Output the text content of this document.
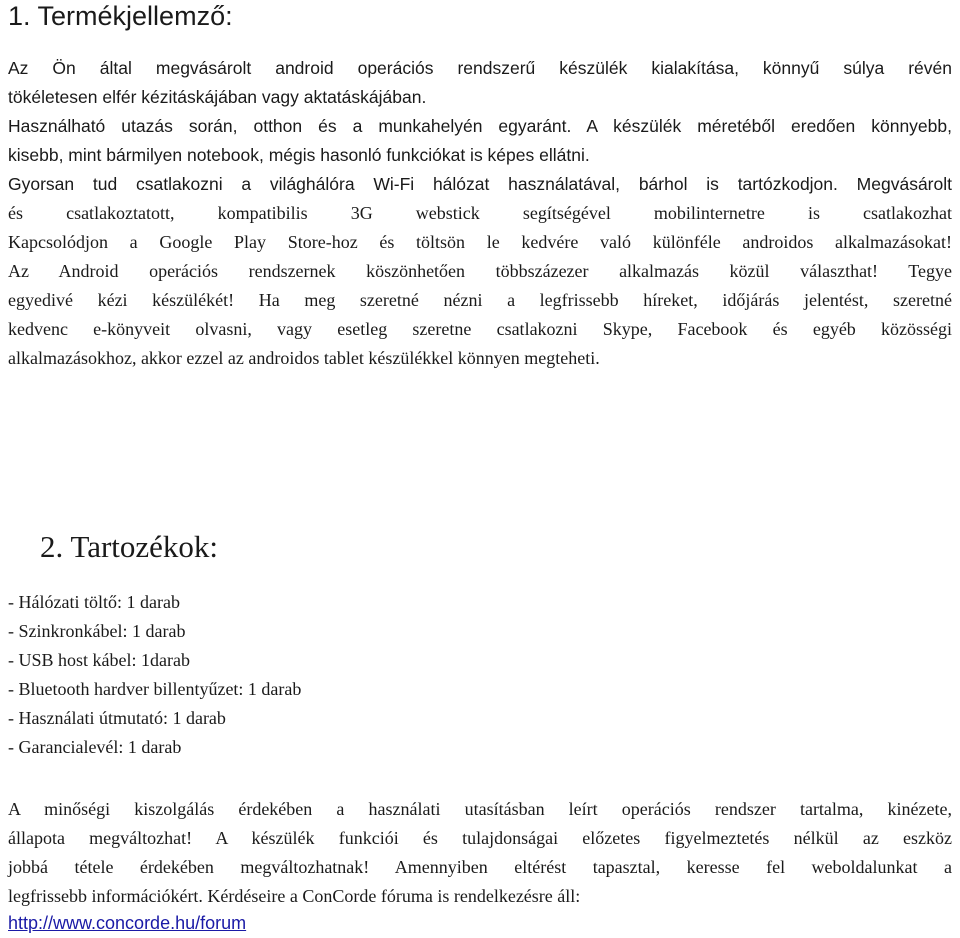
1. Termékjellemző:

Az Ön által megvásárolt android operációs rendszerű készülék kialakítása, könnyű súlya révén
tökéletesen elfér kézitáskájában vagy aktatáskájában.

Használható utazás során, otthon és a munkahelyén egyaránt. A készülék méretéből eredően könnyebb,
kisebb, mint bármilyen notebook, mégis hasonló funkciókat is képes ellátni.

Gyorsan tud csatlakozni a világhálóra Wi-Fi hálózat használatával, bárhol is tartózkodjon. Megvásárolt
és csatlakoztatott, kompatibilis 3G webstick segítségével mobilinternetre is csatlakozhat
Kapcsolódjon a Google Play Store-hoz és töltsön le kedvére való különféle androidos alkalmazásokat!
Az Android operációs rendszernek köszönhetően többszázezer alkalmazás közül választhat! Tegye
egyedivé kézi készülékét! Ha meg szeretné nézni a legfrissebb híreket, időjárás jelentést, szeretné
kedvenc e-könyveit olvasni, vagy esetleg szeretne csatlakozni Skype, Facebook és egyéb közösségi
alkalmazásokhoz, akkor ezzel az androidos tablet készülékkel könnyen megteheti.

2. Tartozékok:
- Hálózati töltő: 1 darab
- Szinkronkábel: 1 darab
- USB host kábel: 1darab
- Bluetooth hardver billentyűzet: 1 darab
- Használati útmutató: 1 darab
- Garancialevél: 1 darab

A minőségi kiszolgálás érdekében a használati utasításban leírt operációs rendszer tartalma, kinézete,
állapota megváltozhat! A készülék funkciói és tulajdonságai előzetes figyelmeztetés nélkül az eszköz
jobbá tétele érdekében megváltozhatnak! Amennyiben eltérést tapasztal, keresse fel weboldalunkat a
legfrissebb információkért. Kérdéseire a ConCorde fóruma is rendelkezésre áll:

http://www.concorde.hu/forum
